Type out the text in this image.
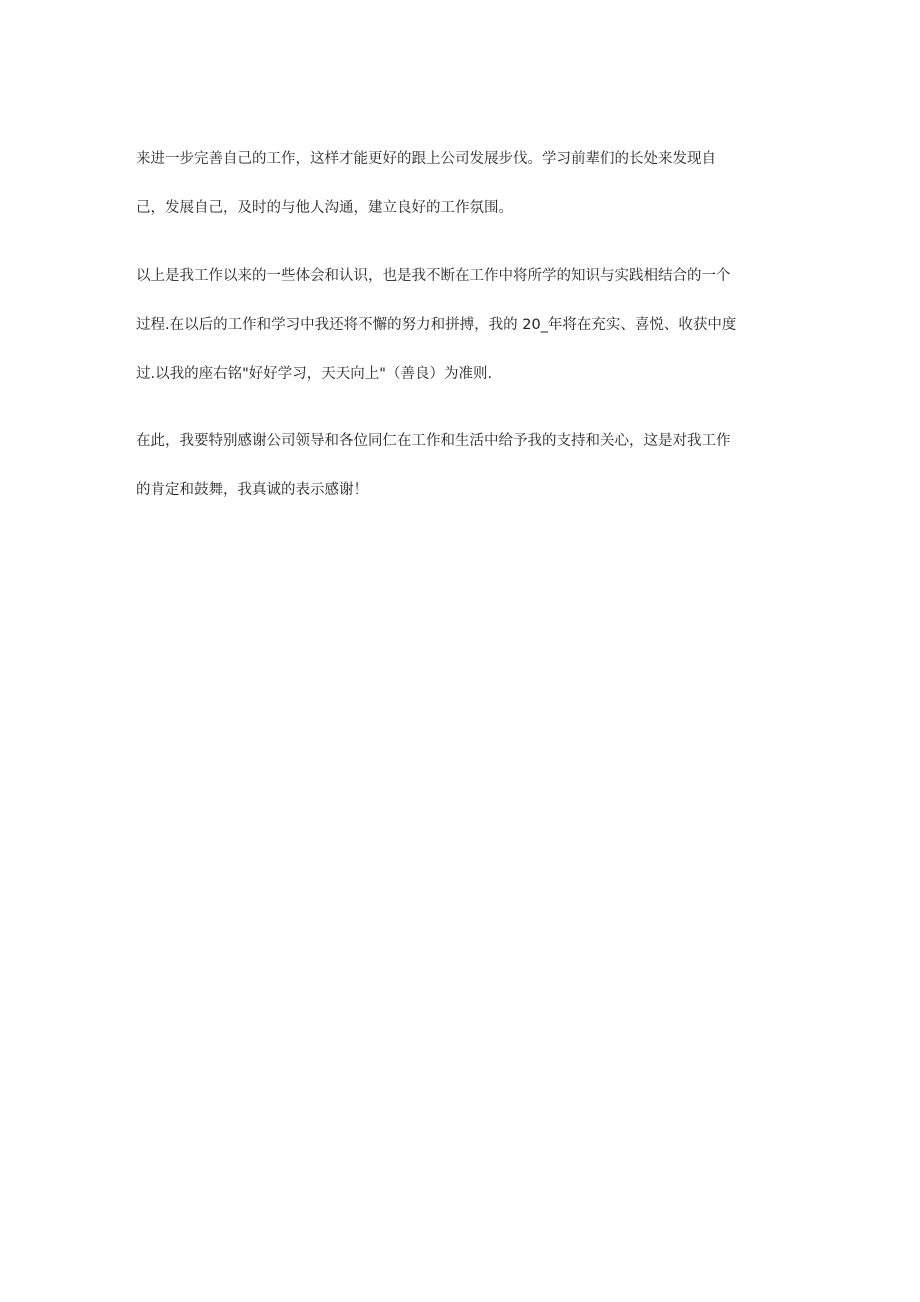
来进一步完善自己的工作，这样才能更好的跟上公司发展步伐。学习前辈们的长处来发现自
己，发展自己，及时的与他人沟通，建立良好的工作氛围。
以上是我工作以来的一些体会和认识，也是我不断在工作中将所学的知识与实践相结合的一个
过程.在以后的工作和学习中我还将不懈的努力和拼搏，我的 20_年将在充实、喜悦、收获中度
过.以我的座右铭"好好学习，天天向上"（善良）为准则.
在此，我要特别感谢公司领导和各位同仁在工作和生活中给予我的支持和关心，这是对我工作
的肯定和鼓舞，我真诚的表示感谢！
